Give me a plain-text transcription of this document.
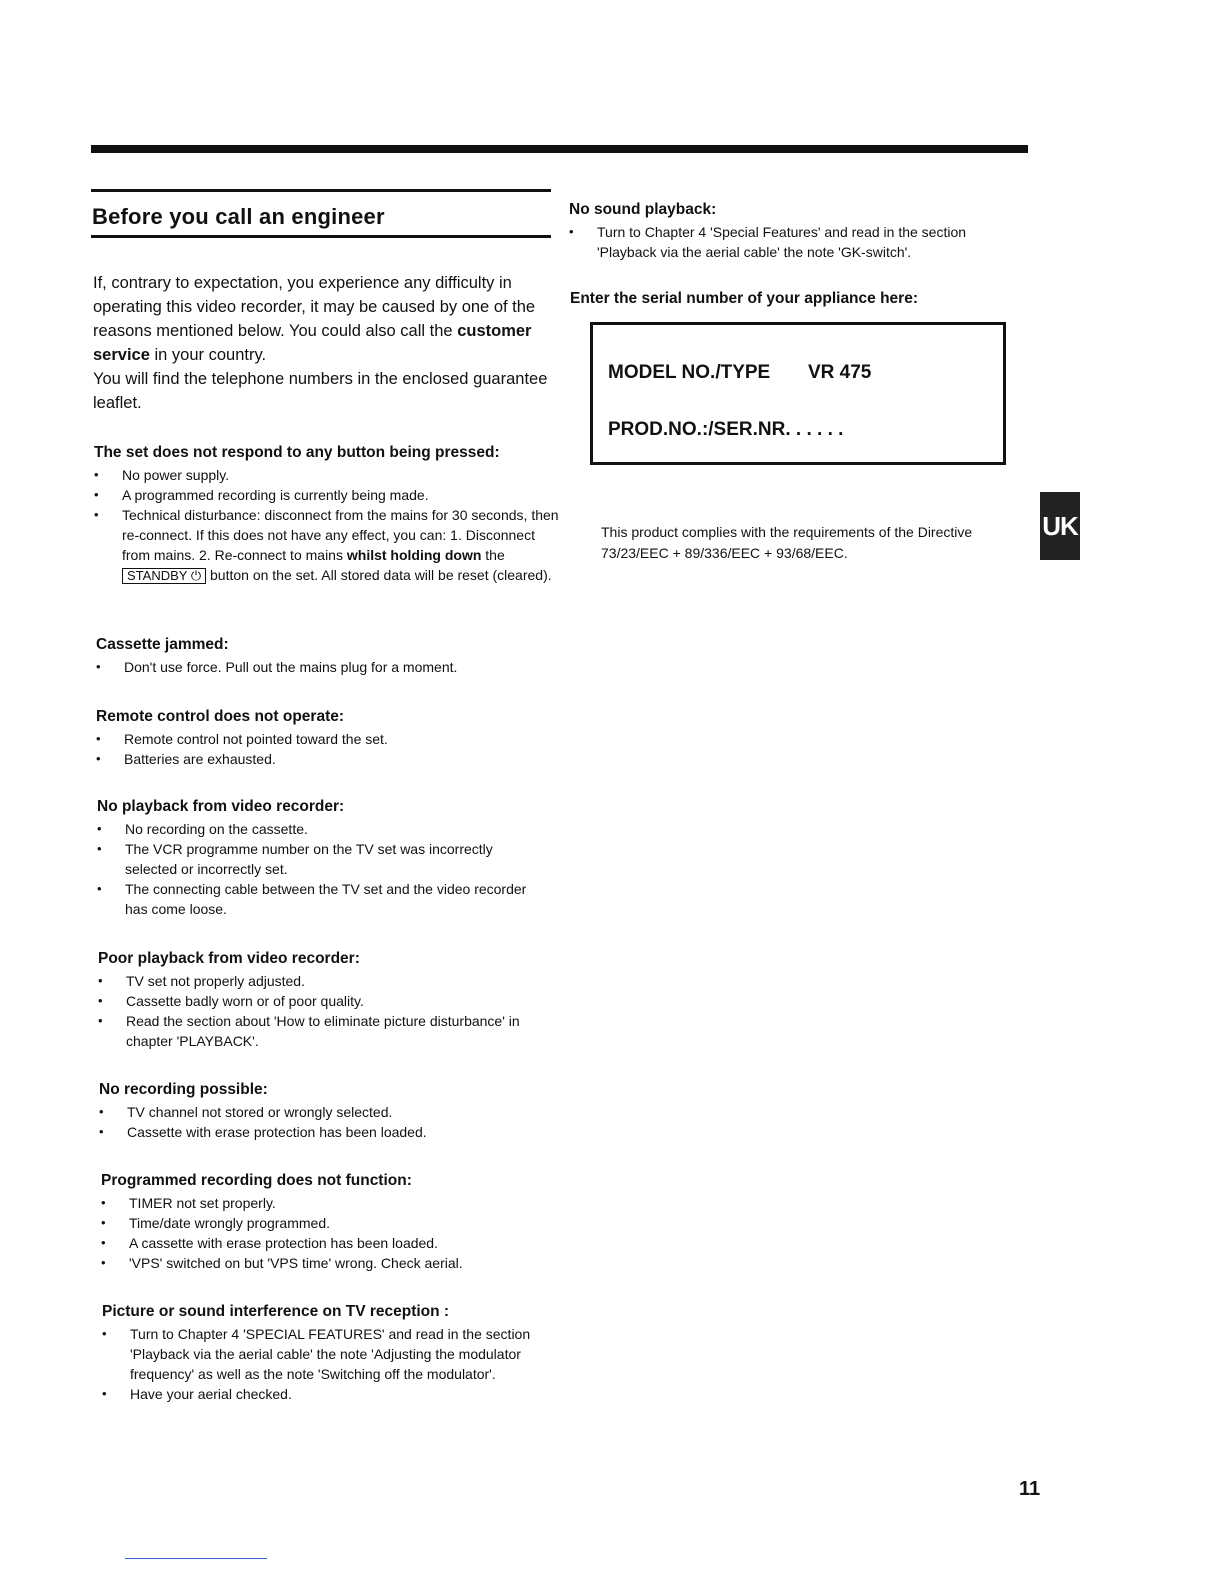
Before you call an engineer
If, contrary to expectation, you experience any difficulty in operating this video recorder, it may be caused by one of the reasons mentioned below. You could also call the customer service in your country.
You will find the telephone numbers in the enclosed guarantee leaflet.
The set does not respond to any button being pressed:
• No power supply.
• A programmed recording is currently being made.
• Technical disturbance: disconnect from the mains for 30 seconds, then re-connect. If this does not have any effect, you can: 1. Disconnect from mains. 2. Re-connect to mains whilst holding down the STANDBY ⏻ button on the set. All stored data will be reset (cleared).
Cassette jammed:
• Don't use force. Pull out the mains plug for a moment.
Remote control does not operate:
• Remote control not pointed toward the set.
• Batteries are exhausted.
No playback from video recorder:
• No recording on the cassette.
• The VCR programme number on the TV set was incorrectly selected or incorrectly set.
• The connecting cable between the TV set and the video recorder has come loose.
Poor playback from video recorder:
• TV set not properly adjusted.
• Cassette badly worn or of poor quality.
• Read the section about 'How to eliminate picture disturbance' in chapter 'PLAYBACK'.
No recording possible:
• TV channel not stored or wrongly selected.
• Cassette with erase protection has been loaded.
Programmed recording does not function:
• TIMER not set properly.
• Time/date wrongly programmed.
• A cassette with erase protection has been loaded.
• 'VPS' switched on but 'VPS time' wrong. Check aerial.
Picture or sound interference on TV reception :
• Turn to Chapter 4 'SPECIAL FEATURES' and read in the section 'Playback via the aerial cable' the note 'Adjusting the modulator frequency' as well as the note 'Switching off the modulator'.
• Have your aerial checked.
No sound playback:
• Turn to Chapter 4 'Special Features' and read in the section 'Playback via the aerial cable' the note 'GK-switch'.
Enter the serial number of your appliance here:
MODEL NO./TYPE VR 475
PROD.NO.:/SER.NR. . . . . .
This product complies with the requirements of the Directive 73/23/EEC + 89/336/EEC + 93/68/EEC.
UK
11
